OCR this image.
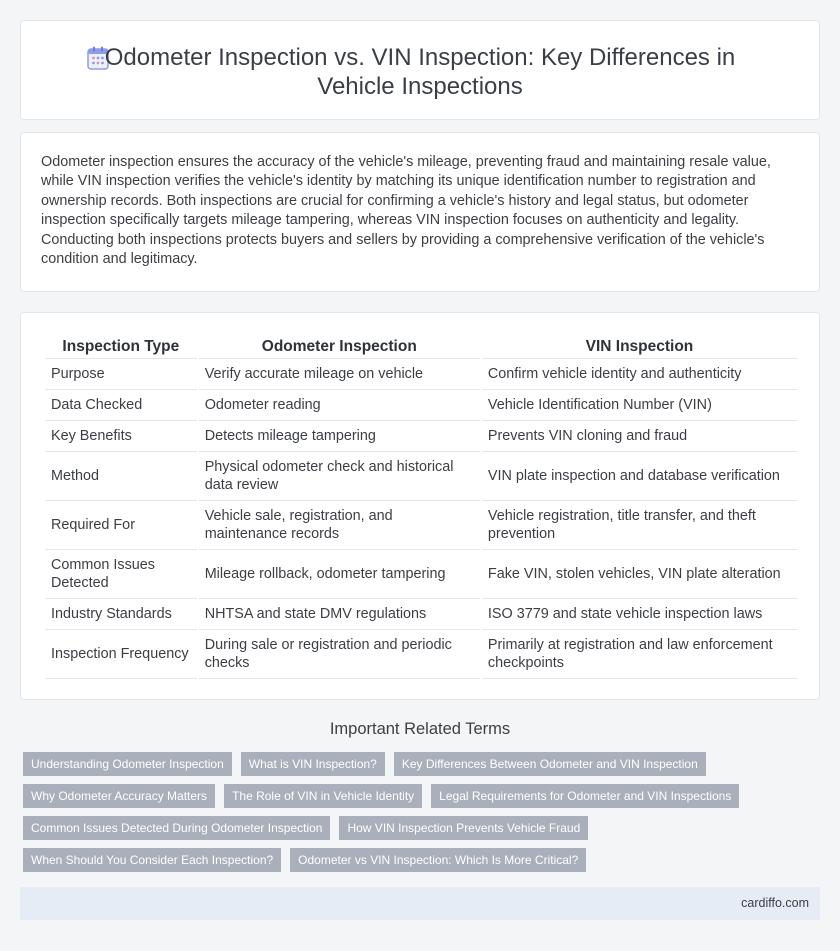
Odometer Inspection vs. VIN Inspection: Key Differences in Vehicle Inspections

Odometer inspection ensures the accuracy of the vehicle's mileage, preventing fraud and maintaining resale value, while VIN inspection verifies the vehicle's identity by matching its unique identification number to registration and ownership records. Both inspections are crucial for confirming a vehicle's history and legal status, but odometer inspection specifically targets mileage tampering, whereas VIN inspection focuses on authenticity and legality. Conducting both inspections protects buyers and sellers by providing a comprehensive verification of the vehicle's condition and legitimacy.

Inspection Type	Odometer Inspection	VIN Inspection
Purpose	Verify accurate mileage on vehicle	Confirm vehicle identity and authenticity
Data Checked	Odometer reading	Vehicle Identification Number (VIN)
Key Benefits	Detects mileage tampering	Prevents VIN cloning and fraud
Method	Physical odometer check and historical data review	VIN plate inspection and database verification
Required For	Vehicle sale, registration, and maintenance records	Vehicle registration, title transfer, and theft prevention
Common Issues Detected	Mileage rollback, odometer tampering	Fake VIN, stolen vehicles, VIN plate alteration
Industry Standards	NHTSA and state DMV regulations	ISO 3779 and state vehicle inspection laws
Inspection Frequency	During sale or registration and periodic checks	Primarily at registration and law enforcement checkpoints
Important Related Terms
Understanding Odometer Inspection	What is VIN Inspection?	Key Differences Between Odometer and VIN Inspection
Why Odometer Accuracy Matters	The Role of VIN in Vehicle Identity	Legal Requirements for Odometer and VIN Inspections
Common Issues Detected During Odometer Inspection	How VIN Inspection Prevents Vehicle Fraud
When Should You Consider Each Inspection?	Odometer vs VIN Inspection: Which Is More Critical?
cardiffo.com
